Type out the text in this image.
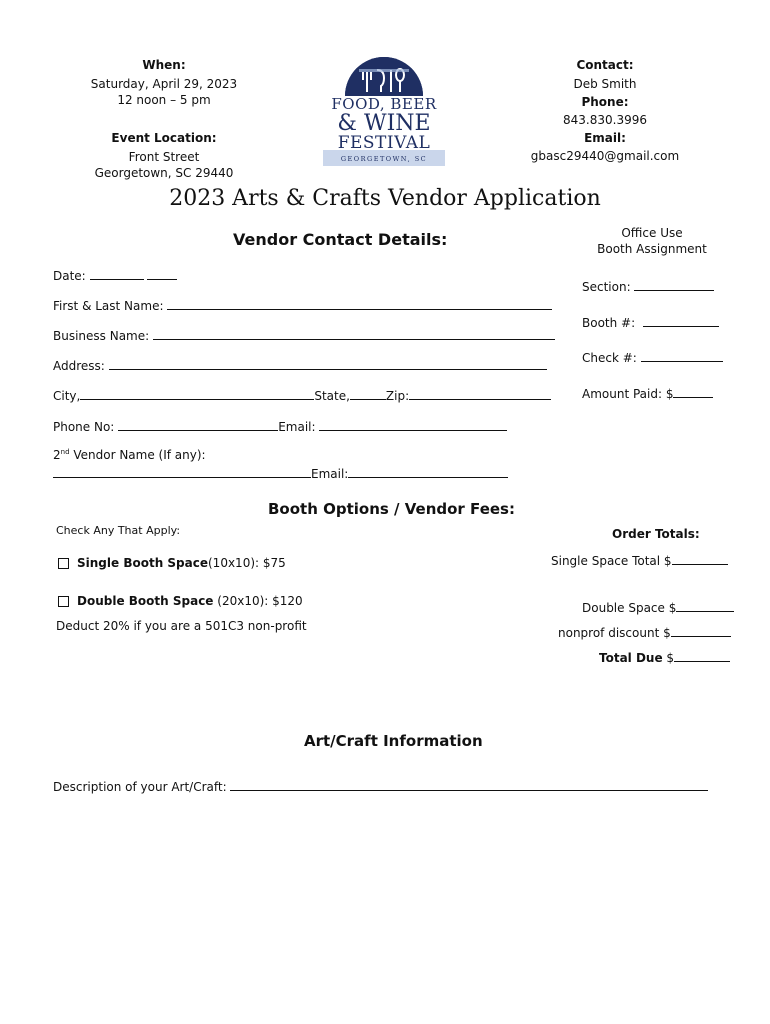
When:
Saturday, April 29, 2023
12 noon – 5 pm
Event Location:
Front Street
Georgetown, SC 29440
FOOD, BEER
& WINE
FESTIVAL
GEORGETOWN, SC
Contact:
Deb Smith
Phone:
843.830.3996
Email:
gbasc29440@gmail.com
2023 Arts & Crafts Vendor Application
Vendor Contact Details:
Date:
First & Last Name:
Business Name:
Address:
City,	State,	Zip:
Phone No:	Email:
2nd Vendor Name (If any):
Email:
Office Use
Booth Assignment
Section:
Booth #:
Check #:
Amount Paid: $
Booth Options / Vendor Fees:
Check Any That Apply:
Single Booth Space(10x10): $75
Double Booth Space (20x10): $120
Deduct 20% if you are a 501C3 non-profit
Order Totals:
Single Space Total $
Double Space $
nonprof discount $
Total Due $
Art/Craft Information
Description of your Art/Craft:
